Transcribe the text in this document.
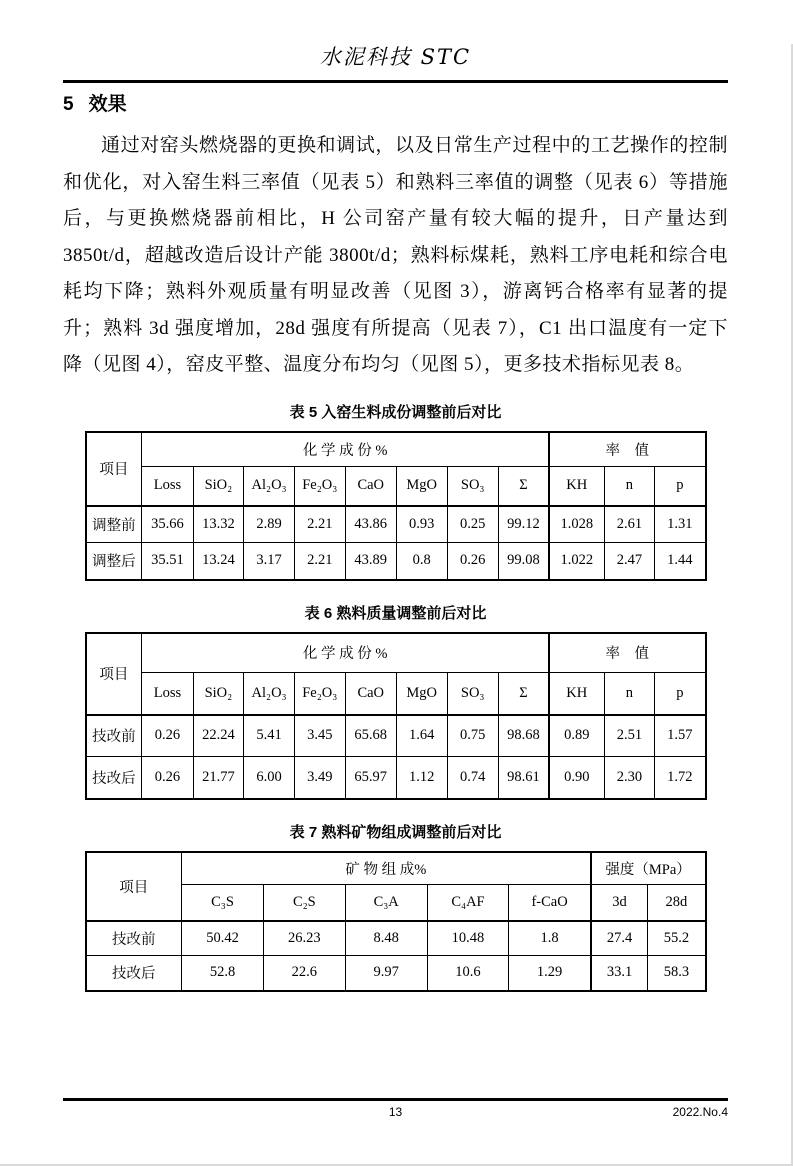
水泥科技 STC
5 效果

通过对窑头燃烧器的更换和调试，以及日常生产过程中的工艺操作的控制和优化，对入窑生料三率值（见表 5）和熟料三率值的调整（见表 6）等措施后，与更换燃烧器前相比，H 公司窑产量有较大幅的提升，日产量达到 3850t/d，超越改造后设计产能 3800t/d；熟料标煤耗，熟料工序电耗和综合电耗均下降；熟料外观质量有明显改善（见图 3），游离钙合格率有显著的提升；熟料 3d 强度增加，28d 强度有所提高（见表 7），C1 出口温度有一定下降（见图 4），窑皮平整、温度分布均匀（见图 5），更多技术指标见表 8。

表 5 入窑生料成份调整前后对比
项目	化 学 成 份 %								率　值		
	Loss	SiO₂	Al₂O₃	Fe₂O₃	CaO	MgO	SO₃	Σ	KH	n	p
调整前	35.66	13.32	2.89	2.21	43.86	0.93	0.25	99.12	1.028	2.61	1.31
调整后	35.51	13.24	3.17	2.21	43.89	0.8	0.26	99.08	1.022	2.47	1.44
表 6 熟料质量调整前后对比
项目	化 学 成 份 %								率　值		
	Loss	SiO₂	Al₂O₃	Fe₂O₃	CaO	MgO	SO₃	Σ	KH	n	p
技改前	0.26	22.24	5.41	3.45	65.68	1.64	0.75	98.68	0.89	2.51	1.57
技改后	0.26	21.77	6.00	3.49	65.97	1.12	0.74	98.61	0.90	2.30	1.72
表 7 熟料矿物组成调整前后对比
项目	矿 物 组 成%					强度（MPa）	
	C₃S	C₂S	C₃A	C₄AF	f-CaO	3d	28d
技改前	50.42	26.23	8.48	10.48	1.8	27.4	55.2
技改后	52.8	22.6	9.97	10.6	1.29	33.1	58.3
13	2022.No.4
